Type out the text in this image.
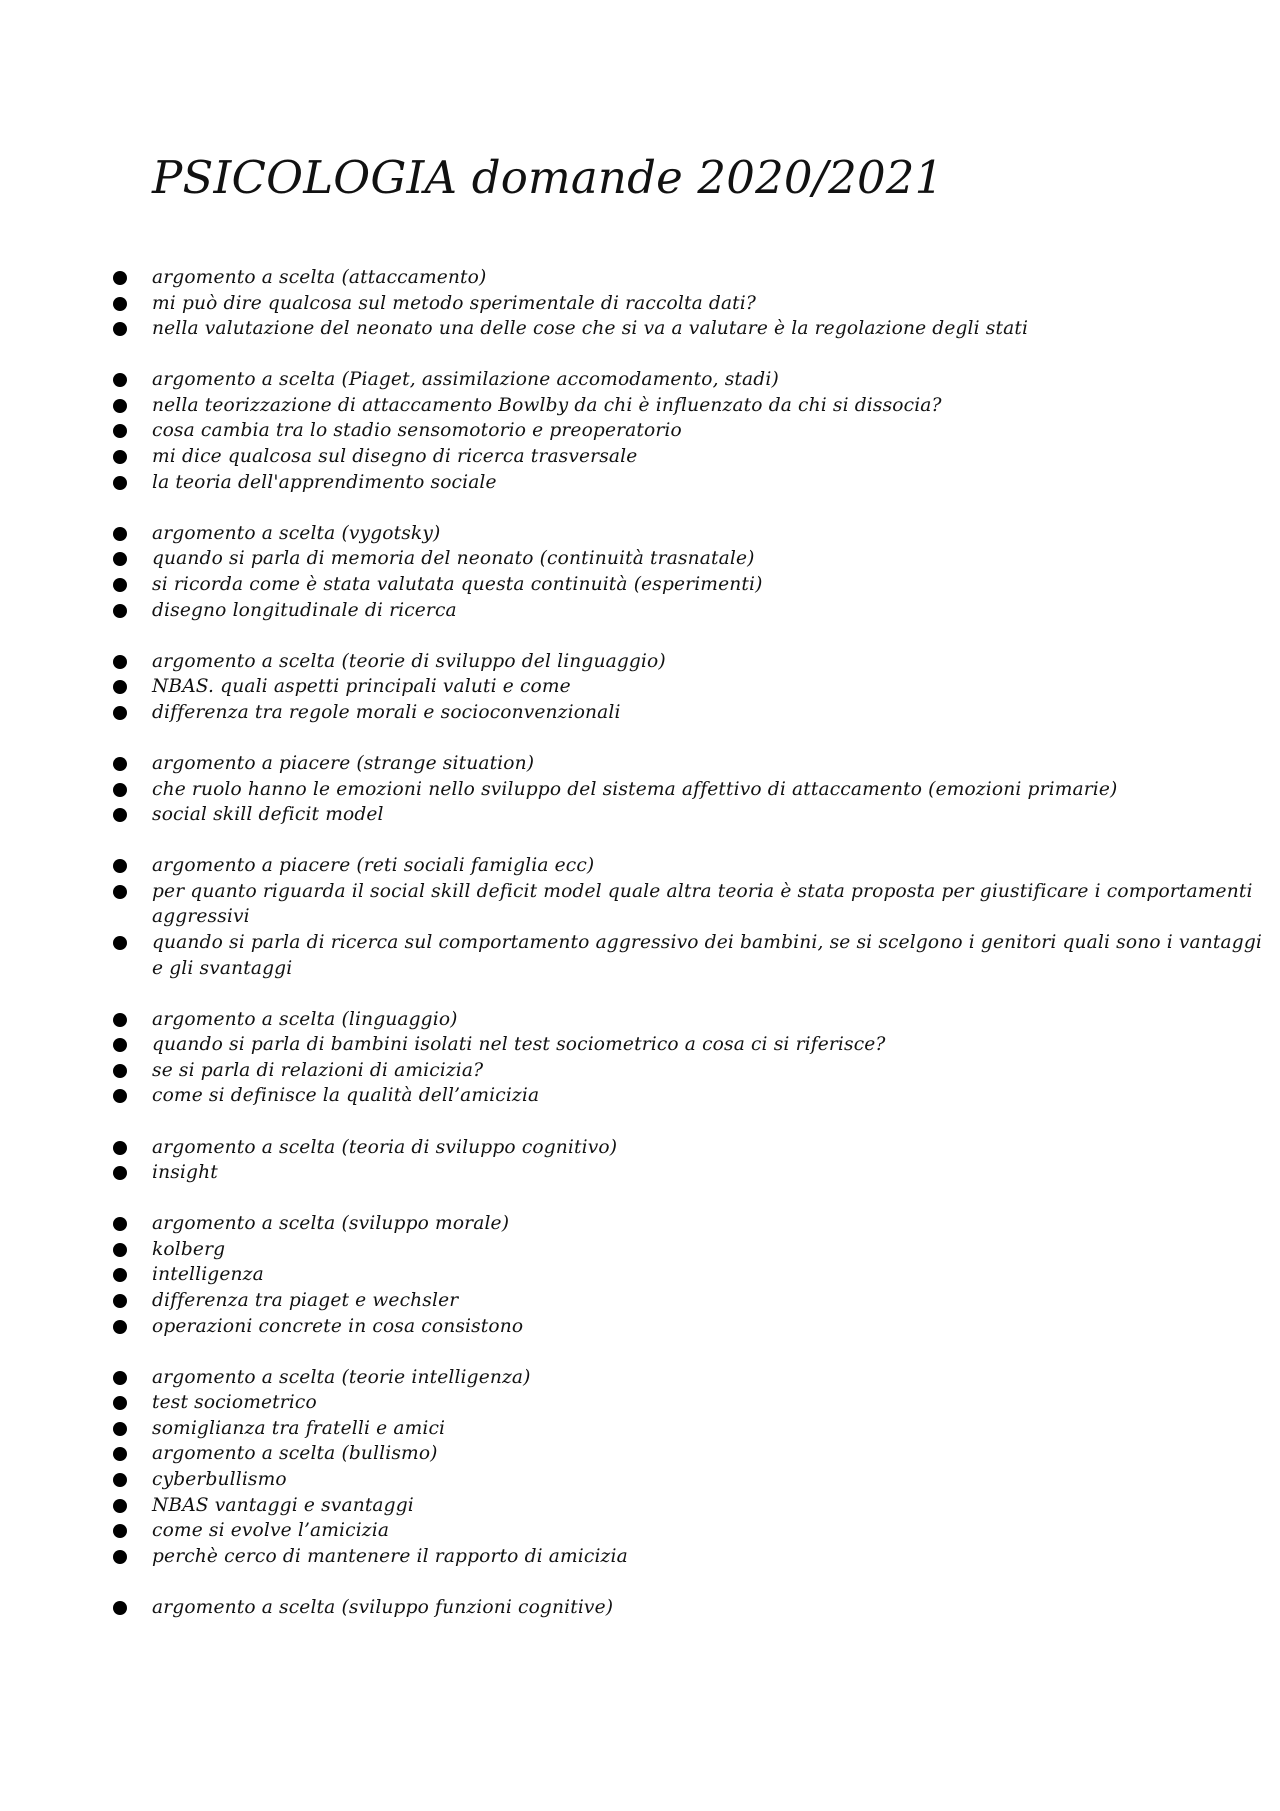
PSICOLOGIA domande 2020/2021
argomento a scelta (attaccamento)
mi può dire qualcosa sul metodo sperimentale di raccolta dati?
nella valutazione del neonato una delle cose che si va a valutare è la regolazione degli stati
argomento a scelta (Piaget, assimilazione accomodamento, stadi)
nella teorizzazione di attaccamento Bowlby da chi è influenzato da chi si dissocia?
cosa cambia tra lo stadio sensomotorio e preoperatorio
mi dice qualcosa sul disegno di ricerca trasversale
la teoria dell'apprendimento sociale
argomento a scelta (vygotsky)
quando si parla di memoria del neonato (continuità trasnatale)
si ricorda come è stata valutata questa continuità (esperimenti)
disegno longitudinale di ricerca
argomento a scelta (teorie di sviluppo del linguaggio)
NBAS. quali aspetti principali valuti e come
differenza tra regole morali e socioconvenzionali
argomento a piacere (strange situation)
che ruolo hanno le emozioni nello sviluppo del sistema affettivo di attaccamento (emozioni primarie)
social skill deficit model
argomento a piacere (reti sociali famiglia ecc)
per quanto riguarda il social skill deficit model quale altra teoria è stata proposta per giustificare i comportamenti aggressivi
quando si parla di ricerca sul comportamento aggressivo dei bambini, se si scelgono i genitori quali sono i vantaggi e gli svantaggi
argomento a scelta (linguaggio)
quando si parla di bambini isolati nel test sociometrico a cosa ci si riferisce?
se si parla di relazioni di amicizia?
come si definisce la qualità dell’amicizia
argomento a scelta (teoria di sviluppo cognitivo)
insight
argomento a scelta (sviluppo morale)
kolberg
intelligenza
differenza tra piaget e wechsler
operazioni concrete in cosa consistono
argomento a scelta (teorie intelligenza)
test sociometrico
somiglianza tra fratelli e amici
argomento a scelta (bullismo)
cyberbullismo
NBAS vantaggi e svantaggi
come si evolve l’amicizia
perchè cerco di mantenere il rapporto di amicizia
argomento a scelta (sviluppo funzioni cognitive)
